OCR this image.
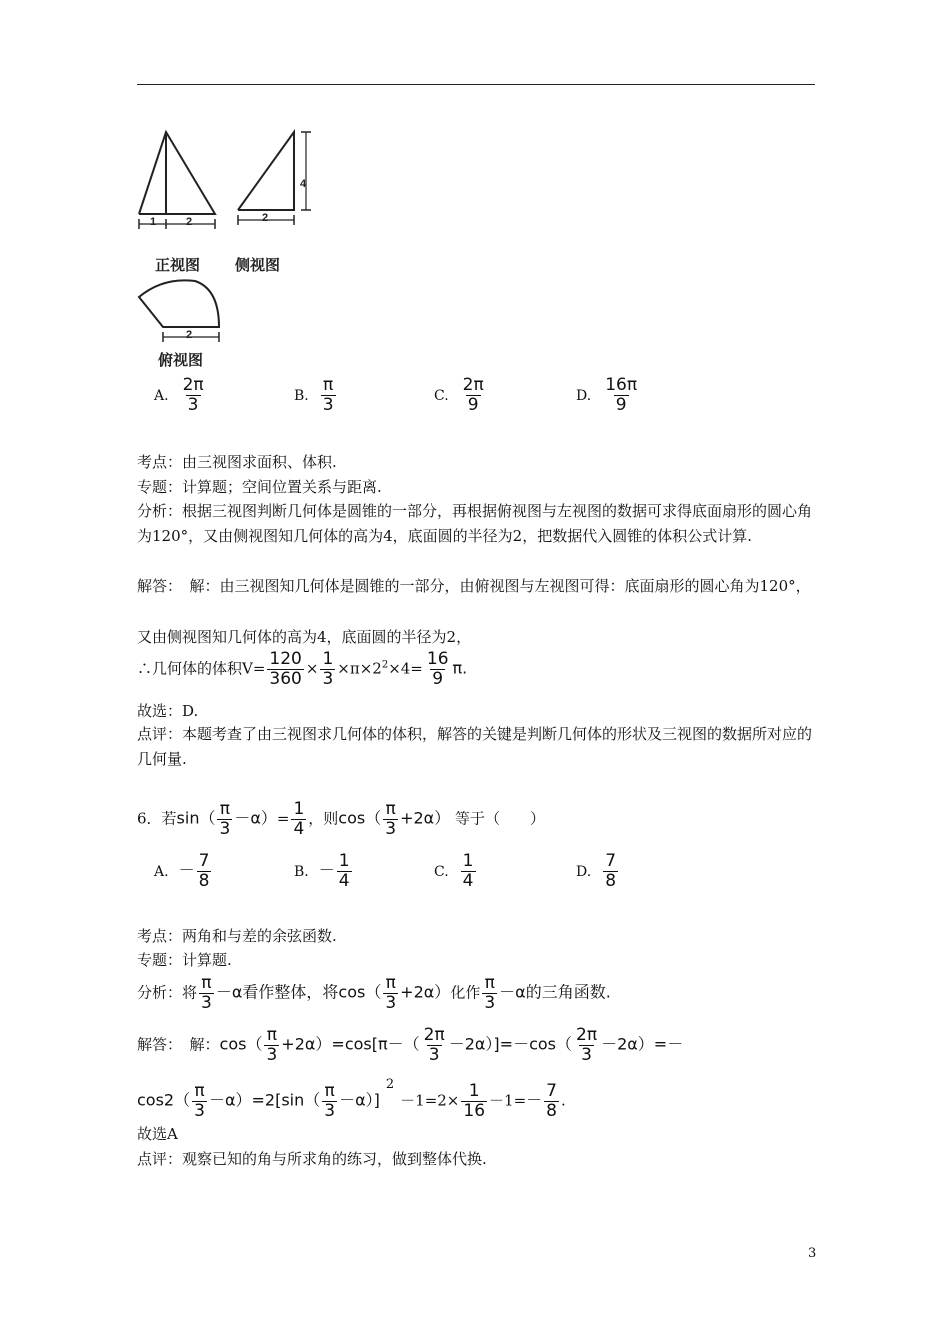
1	2
正视图
4
2
侧视图
2
俯视图
A. $\frac{2\pi}{3}$	B. $\frac{\pi}{3}$	C. $\frac{2\pi}{9}$	D. $\frac{16\pi}{9}$
考点：由三视图求面积、体积.
专题：计算题；空间位置关系与距离.
分析：根据三视图判断几何体是圆锥的一部分，再根据俯视图与左视图的数据可求得底面扇形的圆心角为120°，又由侧视图知几何体的高为4，底面圆的半径为2，把数据代入圆锥的体积公式计算.
解答：　解：由三视图知几何体是圆锥的一部分，由俯视图与左视图可得：底面扇形的圆心角为120°，
又由侧视图知几何体的高为4，底面圆的半径为2，
∴几何体的体积$V= \frac{120}{360} \times \frac{1}{3} \times\pi\times 2^2\times 4= \frac{16}{9} \pi$.
故选：D.
点评：本题考查了由三视图求几何体的体积，解答的关键是判断几何体的形状及三视图的数据所对应的几何量.
6．若$\sin( \frac{\pi}{3} -\alpha)= \frac{1}{4}$ ，则$\cos( \frac{\pi}{3} +2\alpha)$ 等于（　　）
A. － $\frac{7}{8}$	B. － $\frac{1}{4}$	C. $\frac{1}{4}$	D. $\frac{7}{8}$
考点：两角和与差的余弦函数.
专题：计算题.
分析：将 $\frac{\pi}{3} -\alpha$看作整体，将$\cos( \frac{\pi}{3} +2\alpha)$化作 $\frac{\pi}{3} -\alpha$的三角函数.
解答：　解：$\cos( \frac{\pi}{3} +2\alpha)=\cos[\pi-( \frac{2\pi}{3} -2\alpha)]=-\cos( \frac{2\pi}{3} -2\alpha)=-$
$\cos 2( \frac{\pi}{3} -\alpha)=2[\sin( \frac{\pi}{3} -\alpha)]2-1=2\times \frac{1}{16} -1=- \frac{7}{8}$ .
故选A
点评：观察已知的角与所求角的练习，做到整体代换.
3
